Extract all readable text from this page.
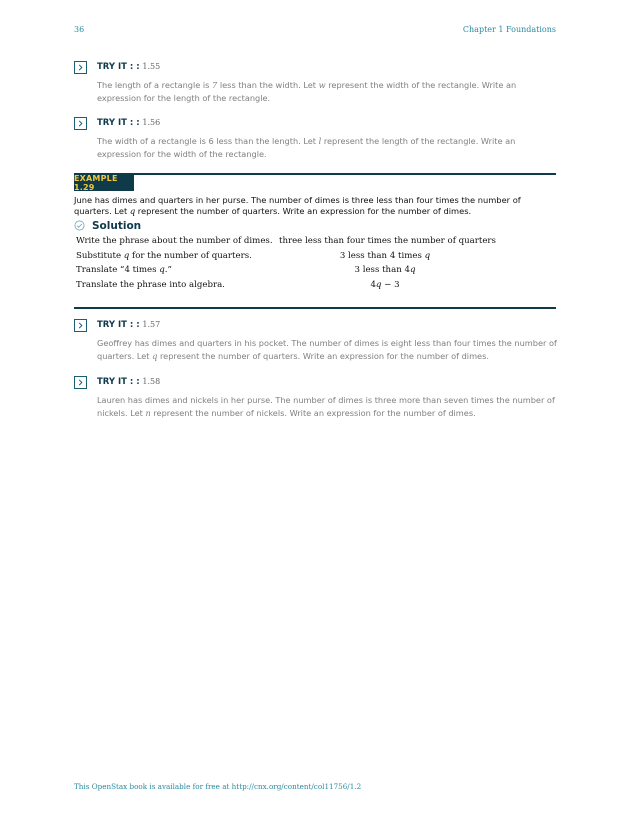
36	Chapter 1 Foundations
TRY IT : : 1.55
The length of a rectangle is 7 less than the width. Let w represent the width of the rectangle. Write an expression for the length of the rectangle.
TRY IT : : 1.56
The width of a rectangle is 6 less than the length. Let l represent the length of the rectangle. Write an expression for the width of the rectangle.
EXAMPLE 1.29
June has dimes and quarters in her purse. The number of dimes is three less than four times the number of quarters. Let q represent the number of quarters. Write an expression for the number of dimes.
Solution
Write the phrase about the number of dimes. three less than four times the number of quarters
Substitute q for the number of quarters.	3 less than 4 times q
Translate “4 times q.”	3 less than 4q
Translate the phrase into algebra.	4q − 3
TRY IT : : 1.57
Geoffrey has dimes and quarters in his pocket. The number of dimes is eight less than four times the number of quarters. Let q represent the number of quarters. Write an expression for the number of dimes.
TRY IT : : 1.58
Lauren has dimes and nickels in her purse. The number of dimes is three more than seven times the number of nickels. Let n represent the number of nickels. Write an expression for the number of dimes.
This OpenStax book is available for free at http://cnx.org/content/col11756/1.2
